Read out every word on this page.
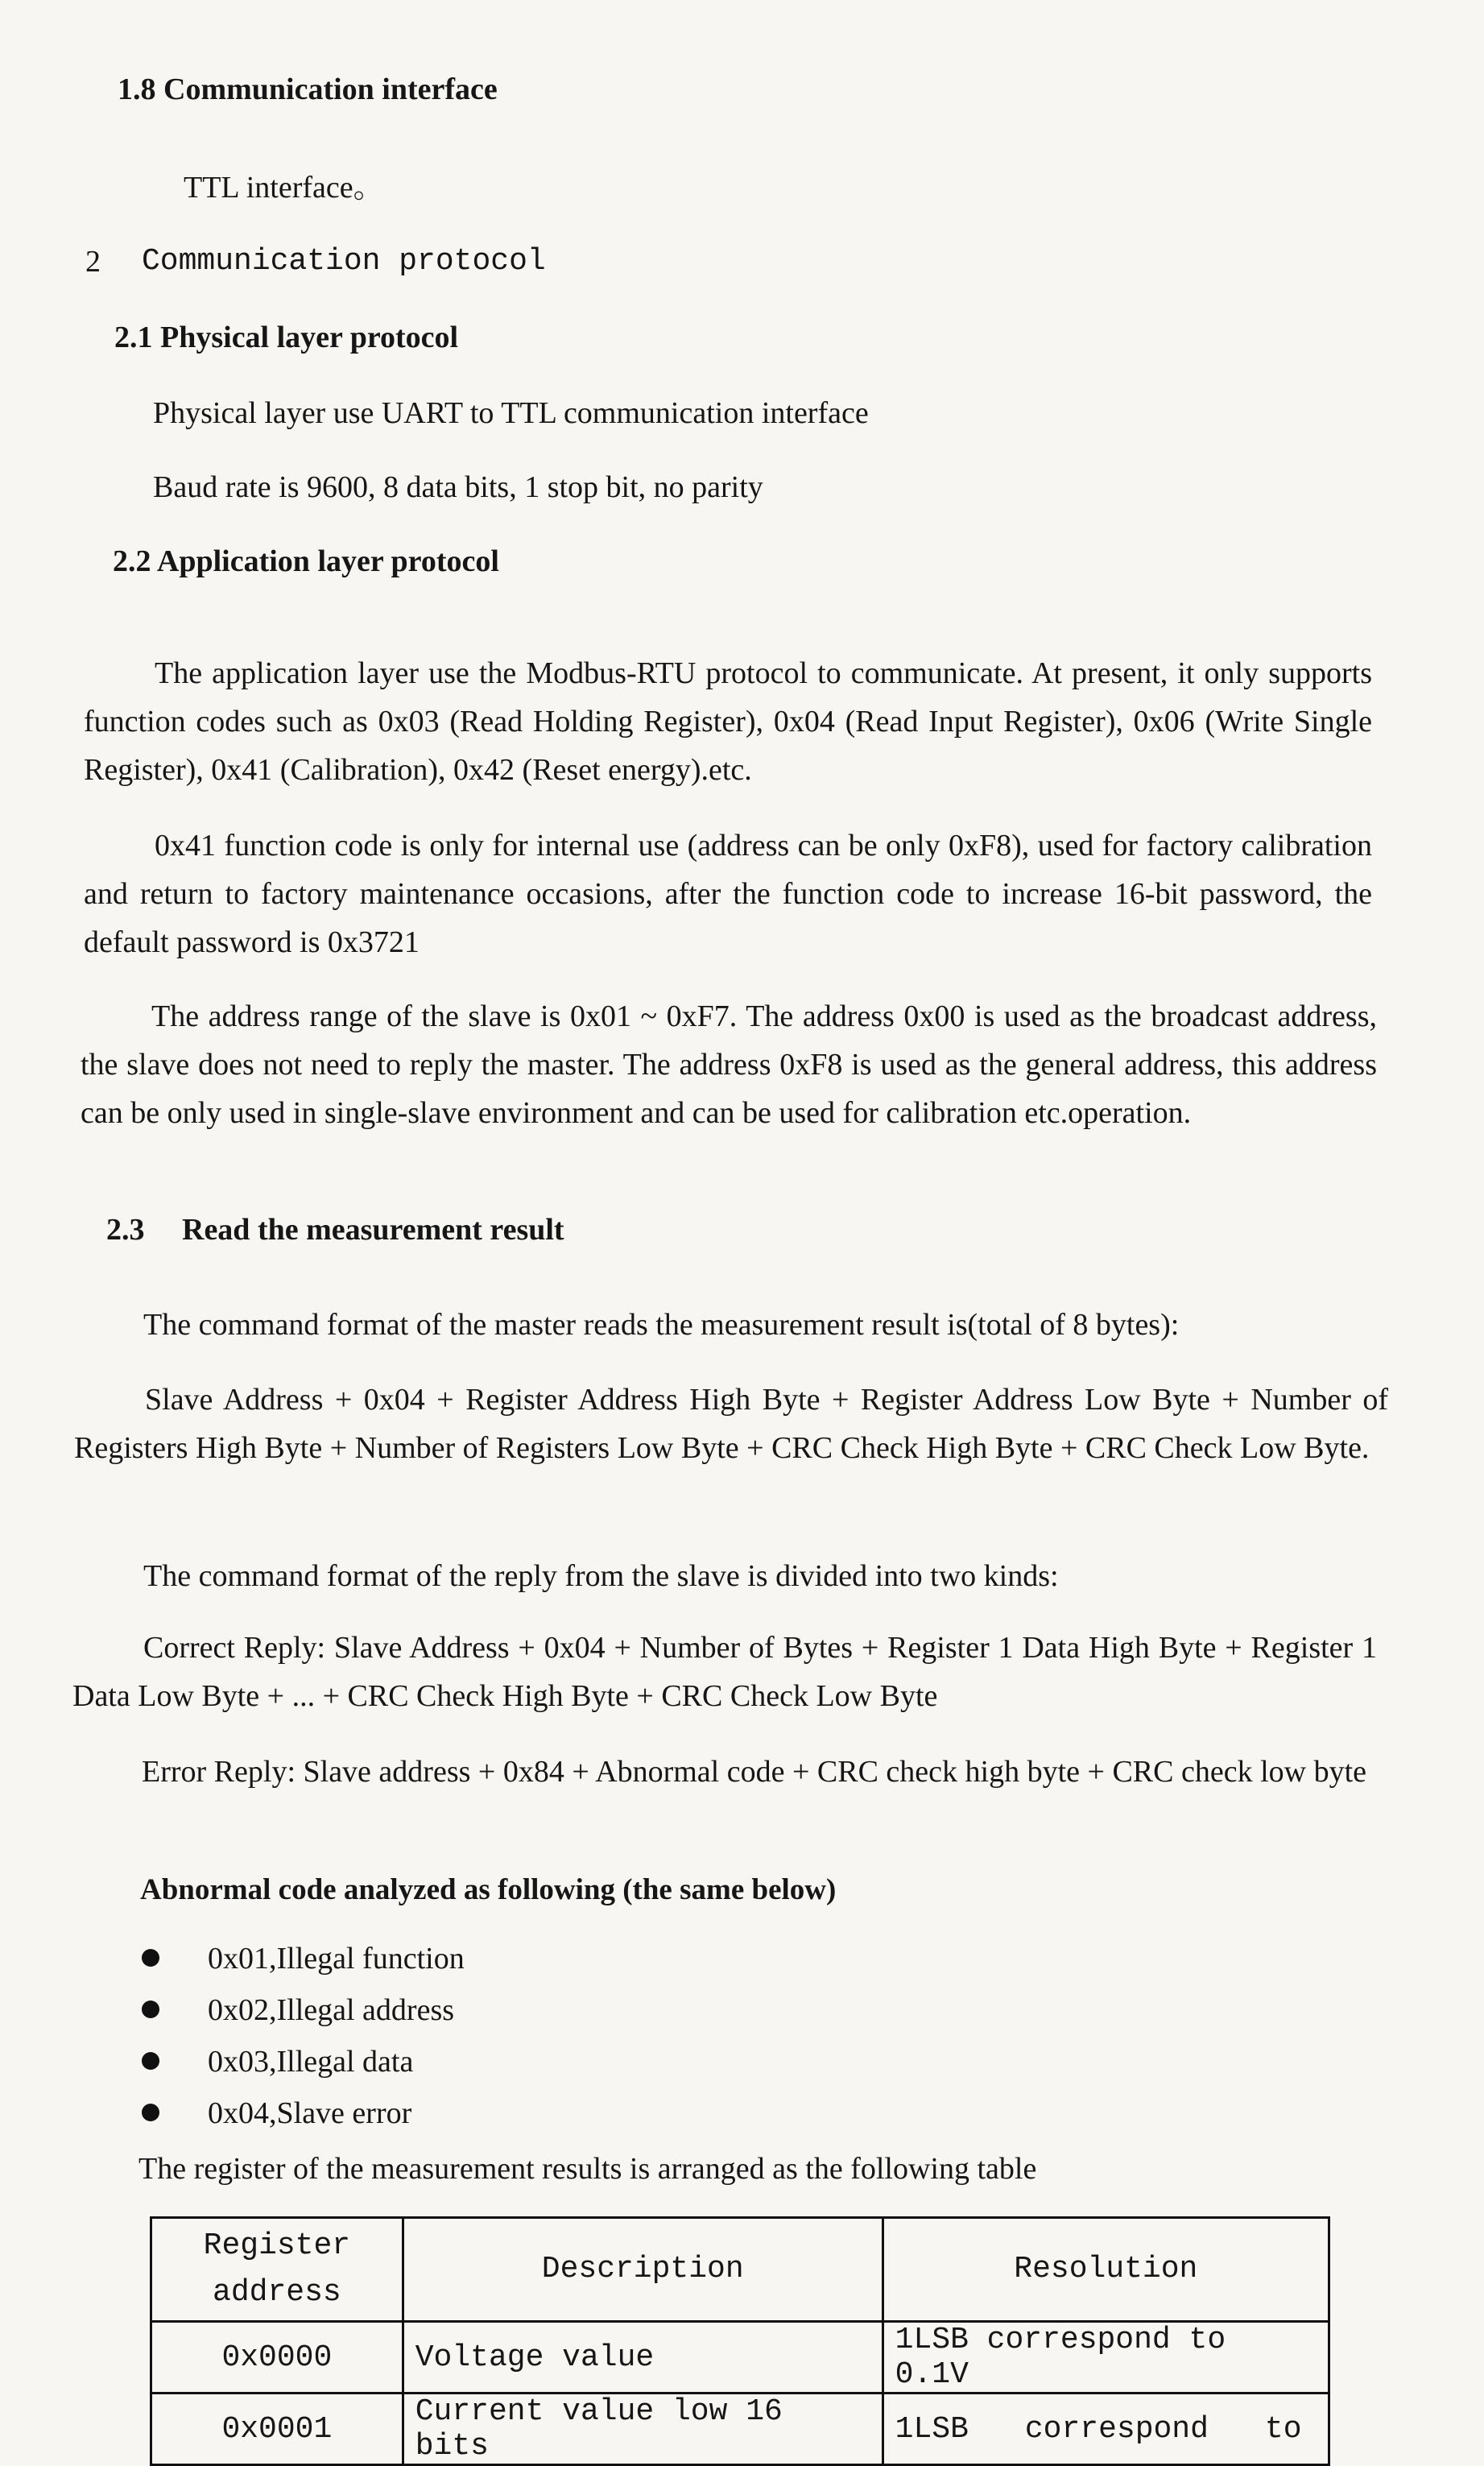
1.8 Communication interface
TTL interface。
2 Communication protocol
2.1 Physical layer protocol
Physical layer use UART to TTL communication interface
Baud rate is 9600, 8 data bits, 1 stop bit, no parity
2.2 Application layer protocol
The application layer use the Modbus-RTU protocol to communicate. At present, it only supports function codes such as 0x03 (Read Holding Register), 0x04 (Read Input Register), 0x06 (Write Single Register), 0x41 (Calibration), 0x42 (Reset energy).etc.
0x41 function code is only for internal use (address can be only 0xF8), used for factory calibration and return to factory maintenance occasions, after the function code to increase 16-bit password, the default password is 0x3721
The address range of the slave is 0x01 ~ 0xF7. The address 0x00 is used as the broadcast address, the slave does not need to reply the master. The address 0xF8 is used as the general address, this address can be only used in single-slave environment and can be used for calibration etc.operation.
2.3 Read the measurement result
The command format of the master reads the measurement result is(total of 8 bytes):
Slave Address + 0x04 + Register Address High Byte + Register Address Low Byte + Number of Registers High Byte + Number of Registers Low Byte + CRC Check High Byte + CRC Check Low Byte.
The command format of the reply from the slave is divided into two kinds:
Correct Reply: Slave Address + 0x04 + Number of Bytes + Register 1 Data High Byte + Register 1 Data Low Byte + ... + CRC Check High Byte + CRC Check Low Byte
Error Reply: Slave address + 0x84 + Abnormal code + CRC check high byte + CRC check low byte
Abnormal code analyzed as following (the same below)
0x01,Illegal function
0x02,Illegal address
0x03,Illegal data
0x04,Slave error
The register of the measurement results is arranged as the following table
Register
address	Description	Resolution
0x0000	Voltage value	1LSB correspond to 0.1V
0x0001	Current value low 16 bits	1LSB correspond to
